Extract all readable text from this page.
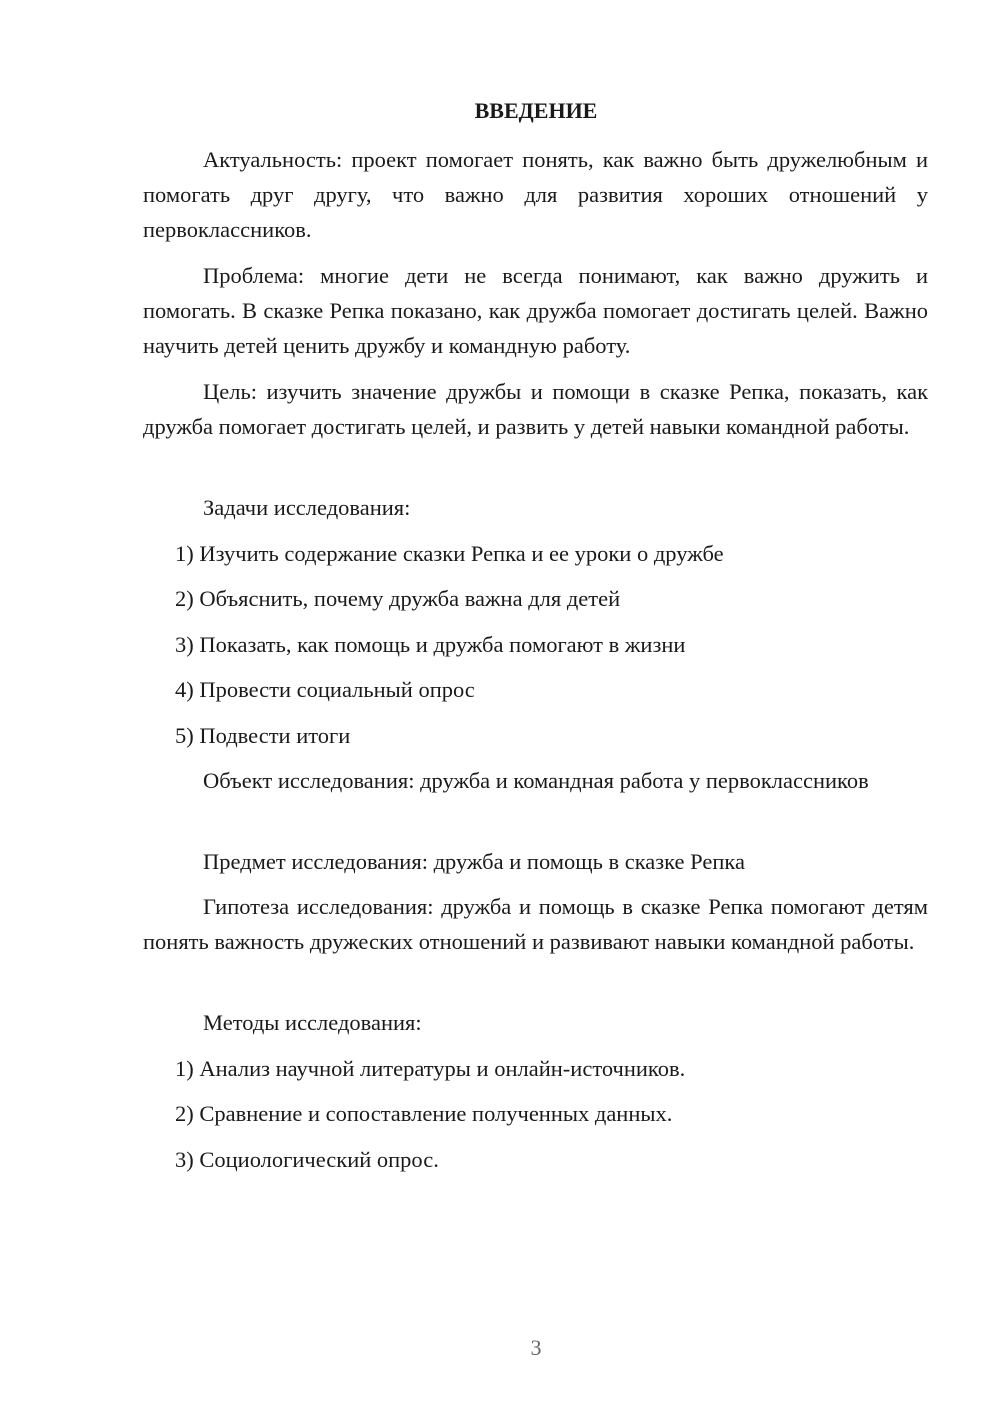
ВВЕДЕНИЕ

Актуальность: проект помогает понять, как важно быть дружелюбным и помогать друг другу, что важно для развития хороших отношений у первоклассников.

Проблема: многие дети не всегда понимают, как важно дружить и помогать. В сказке Репка показано, как дружба помогает достигать целей. Важно научить детей ценить дружбу и командную работу.

Цель: изучить значение дружбы и помощи в сказке Репка, показать, как дружба помогает достигать целей, и развить у детей навыки командной работы.

Задачи исследования:

1) Изучить содержание сказки Репка и ее уроки о дружбе

2) Объяснить, почему дружба важна для детей

3) Показать, как помощь и дружба помогают в жизни

4) Провести социальный опрос

5) Подвести итоги

Объект исследования: дружба и командная работа у первоклассников

Предмет исследования: дружба и помощь в сказке Репка

Гипотеза исследования: дружба и помощь в сказке Репка помогают детям понять важность дружеских отношений и развивают навыки командной работы.

Методы исследования:

1) Анализ научной литературы и онлайн-источников.

2) Сравнение и сопоставление полученных данных.

3) Социологический опрос.

3
